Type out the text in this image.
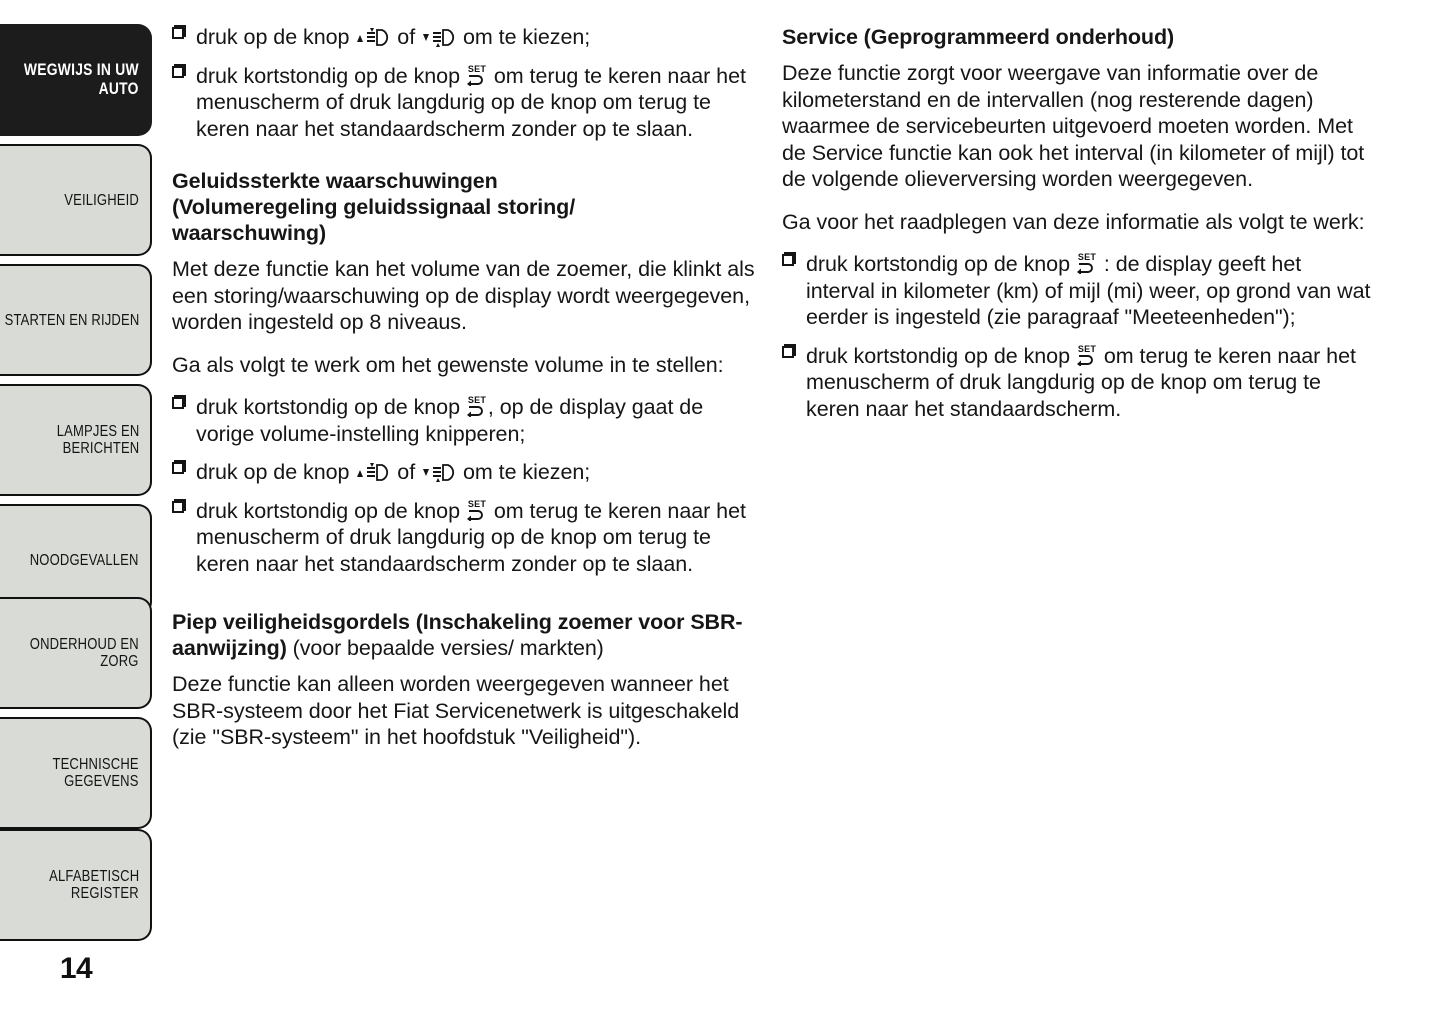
WEGWIJS IN UW
AUTO
VEILIGHEID
STARTEN EN RIJDEN
LAMPJES EN
BERICHTEN
NOODGEVALLEN
ONDERHOUD EN
ZORG
TECHNISCHE
GEGEVENS
ALFABETISCH
REGISTER
14
druk op de knop
of
om te kiezen;
druk kortstondig op de knop SET om terug te keren naar het menuscherm of druk langdurig op de knop om terug te keren naar het standaardscherm zonder op te slaan.
Geluidssterkte waarschuwingen
(Volumeregeling geluidssignaal storing/
waarschuwing)

Met deze functie kan het volume van de zoemer, die klinkt als een storing/waarschuwing op de display wordt weergegeven, worden ingesteld op 8 niveaus.

Ga als volgt te werk om het gewenste volume in te stellen:

druk kortstondig op de knop SET , op de display gaat de vorige volume-instelling knipperen;
druk op de knop
of
om te kiezen;
druk kortstondig op de knop SET om terug te keren naar het menuscherm of druk langdurig op de knop om terug te keren naar het standaardscherm zonder op te slaan.
Piep veiligheidsgordels (Inschakeling zoemer voor SBR-aanwijzing) (voor bepaalde versies/ markten)

Deze functie kan alleen worden weergegeven wanneer het SBR-systeem door het Fiat Servicenetwerk is uitgeschakeld (zie "SBR-systeem" in het hoofdstuk "Veiligheid").

Service (Geprogrammeerd onderhoud)

Deze functie zorgt voor weergave van informatie over de kilometerstand en de intervallen (nog resterende dagen) waarmee de servicebeurten uitgevoerd moeten worden. Met de Service functie kan ook het interval (in kilometer of mijl) tot de volgende olieverversing worden weergegeven.

Ga voor het raadplegen van deze informatie als volgt te werk:

druk kortstondig op de knop SET : de display geeft het interval in kilometer (km) of mijl (mi) weer, op grond van wat eerder is ingesteld (zie paragraaf "Meeteenheden");
druk kortstondig op de knop SET om terug te keren naar het menuscherm of druk langdurig op de knop om terug te keren naar het standaardscherm.
